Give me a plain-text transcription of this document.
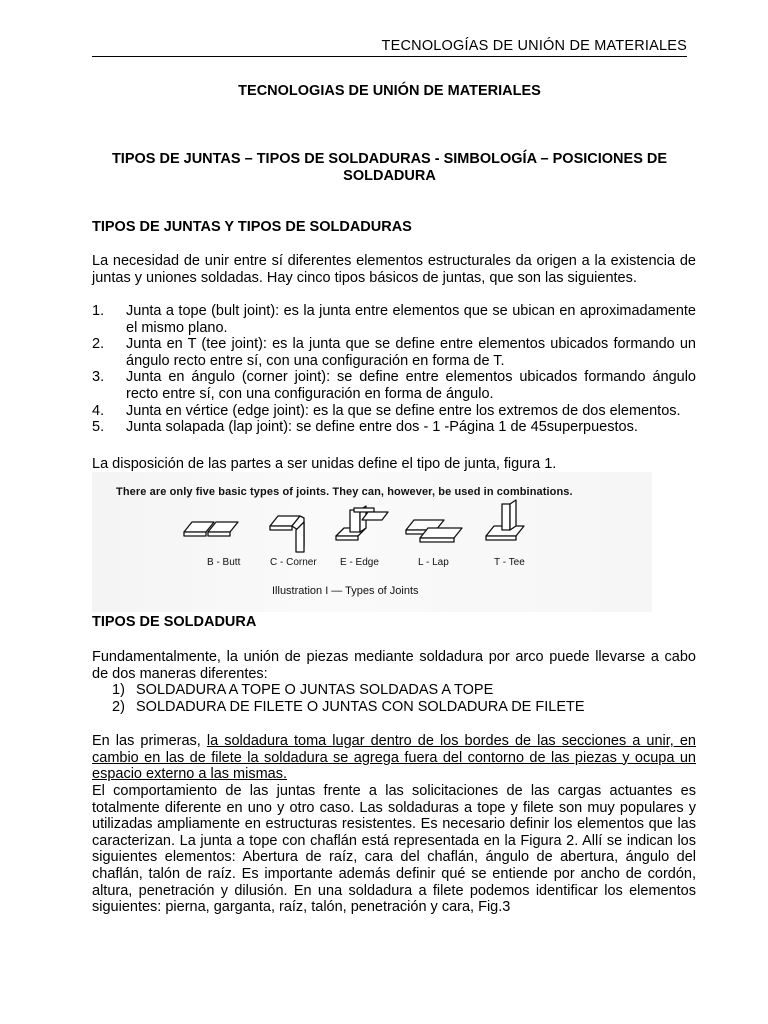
TECNOLOGÍAS DE UNIÓN DE MATERIALES
TECNOLOGIAS DE UNIÓN DE MATERIALES
TIPOS DE JUNTAS – TIPOS DE SOLDADURAS - SIMBOLOGÍA – POSICIONES DE SOLDADURA
TIPOS DE JUNTAS Y TIPOS DE SOLDADURAS
La necesidad de unir entre sí diferentes elementos estructurales da origen a la existencia de juntas y uniones soldadas. Hay cinco tipos básicos de juntas, que son las siguientes.
1.	Junta a tope (bult joint): es la junta entre elementos que se ubican en aproximadamente el mismo plano.
2.	Junta en T (tee joint): es la junta que se define entre elementos ubicados formando un ángulo recto entre sí, con una configuración en forma de T.
3.	Junta en ángulo (corner joint): se define entre elementos ubicados formando ángulo recto entre sí, con una configuración en forma de ángulo.
4.	Junta en vértice (edge joint): es la que se define entre los extremos de dos elementos.
5.	Junta solapada (lap joint): se define entre dos - 1 -Página 1 de 45superpuestos.
La disposición de las partes a ser unidas define el tipo de junta, figura 1.
There are only five basic types of joints. They can, however, be used in combinations.
B - Butt	C - Corner E - Edge	L - Lap	T - Tee
Illustration I — Types of Joints
TIPOS DE SOLDADURA
Fundamentalmente, la unión de piezas mediante soldadura por arco puede llevarse a cabo de dos maneras diferentes:
1) SOLDADURA A TOPE O JUNTAS SOLDADAS A TOPE
2) SOLDADURA DE FILETE O JUNTAS CON SOLDADURA DE FILETE
En las primeras, la soldadura toma lugar dentro de los bordes de las secciones a unir, en cambio en las de filete la soldadura se agrega fuera del contorno de las piezas y ocupa un espacio externo a las mismas.
El comportamiento de las juntas frente a las solicitaciones de las cargas actuantes es totalmente diferente en uno y otro caso. Las soldaduras a tope y filete son muy populares y utilizadas ampliamente en estructuras resistentes. Es necesario definir los elementos que las caracterizan. La junta a tope con chaflán está representada en la Figura 2. Allí se indican los siguientes elementos: Abertura de raíz, cara del chaflán, ángulo de abertura, ángulo del chaflán, talón de raíz. Es importante además definir qué se entiende por ancho de cordón, altura, penetración y dilusión. En una soldadura a filete podemos identificar los elementos siguientes: pierna, garganta, raíz, talón, penetración y cara, Fig.3
